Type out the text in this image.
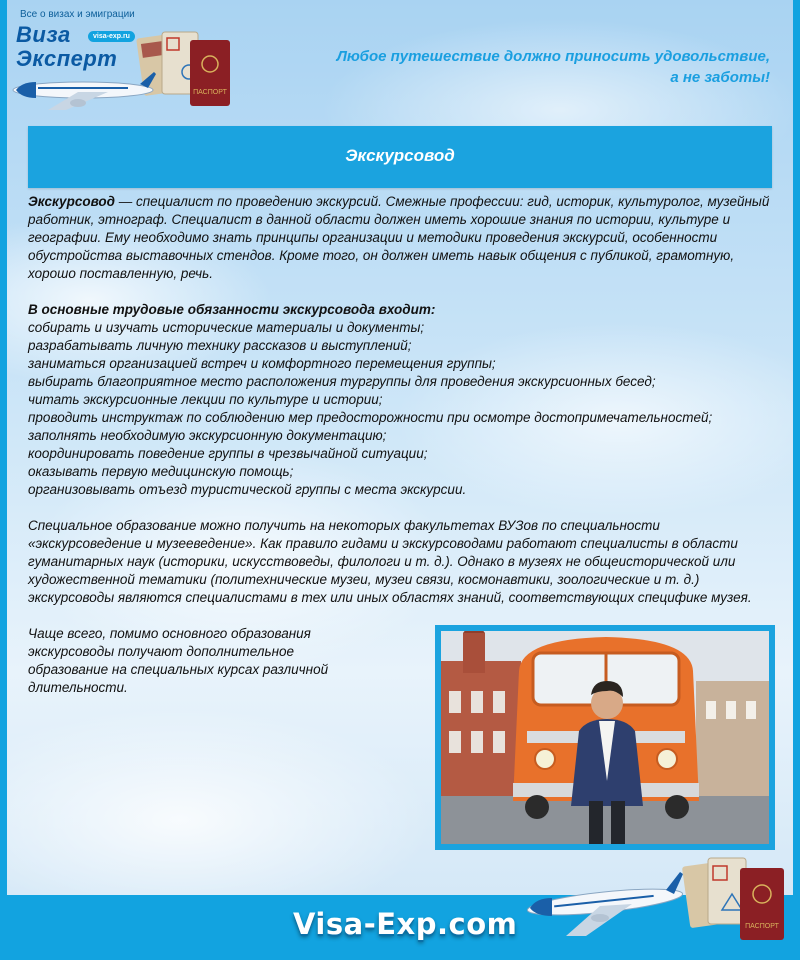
Все о визах и эмиграции
Виза
Эксперт
visa-exp.ru
ПАСПОРТ
Любое путешествие должно приносить удовольствие,
а не заботы!
Экскурсовод

Экскурсовод — специалист по проведению экскурсий. Смежные профессии: гид, историк, культуролог, музейный работник, этнограф. Специалист в данной области должен иметь хорошие знания по истории, культуре и географии. Ему необходимо знать принципы организации и методики проведения экскурсий, особенности обустройства выставочных стендов. Кроме того, он должен иметь навык общения с публикой, грамотную, хорошо поставленную, речь.

В основные трудовые обязанности экскурсовода входит:

собирать и изучать исторические материалы и документы;
разрабатывать личную технику рассказов и выступлений;
заниматься организацией встреч и комфортного перемещения группы;
выбирать благоприятное место расположения тургруппы для проведения экскурсионных бесед;
читать экскурсионные лекции по культуре и истории;
проводить инструктаж по соблюдению мер предосторожности при осмотре достопримечательностей;
заполнять необходимую экскурсионную документацию;
координировать поведение группы в чрезвычайной ситуации;
оказывать первую медицинскую помощь;
организовывать отъезд туристической группы с места экскурсии.

Специальное образование можно получить на некоторых факультетах ВУЗов по специальности «экскурсоведение и музееведение». Как правило гидами и экскурсоводами работают специалисты в области гуманитарных наук (историки, искусствоведы, филологи и т. д.). Однако в музеях не общеисторической или художественной тематики (политехнические музеи, музеи связи, космонавтики, зоологические и т. д.) экскурсоводы являются специалистами в тех или иных областях знаний, соответствующих специфике музея.

Чаще всего, помимо основного образования экскурсоводы получают дополнительное образование на специальных курсах различной длительности.

Visa-Exp.com	ПАСПОРТ
